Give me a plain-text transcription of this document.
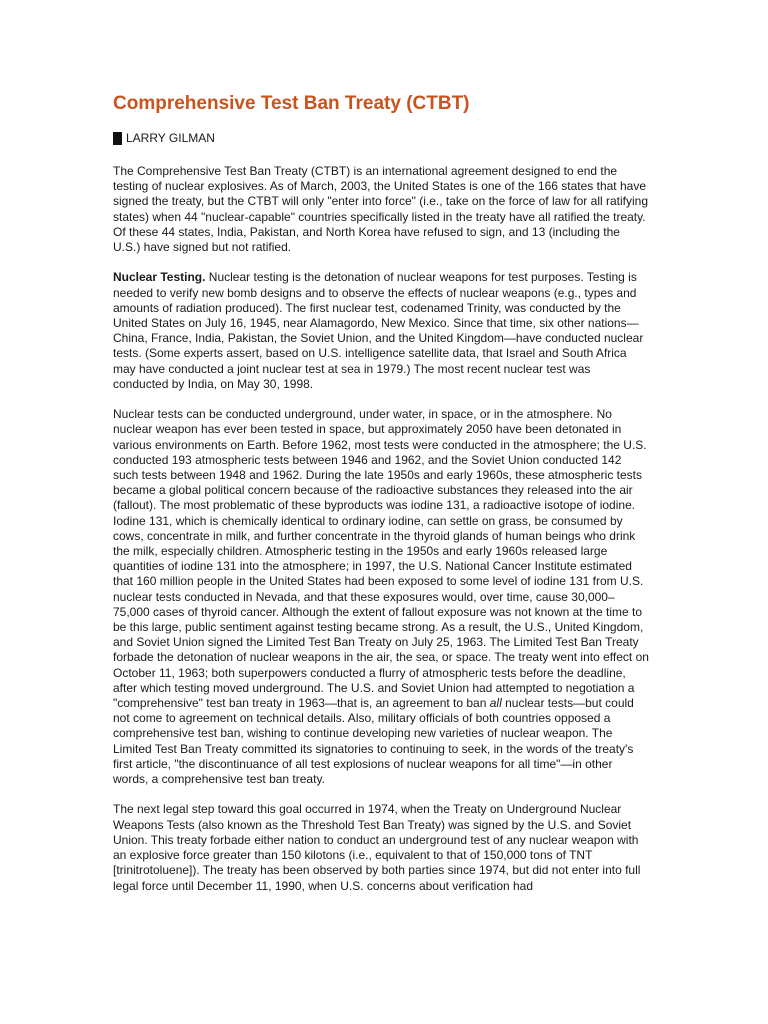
Comprehensive Test Ban Treaty (CTBT)
LARRY GILMAN

The Comprehensive Test Ban Treaty (CTBT) is an international agreement designed to end the testing of nuclear explosives. As of March, 2003, the United States is one of the 166 states that have signed the treaty, but the CTBT will only "enter into force" (i.e., take on the force of law for all ratifying states) when 44 "nuclear-capable" countries specifically listed in the treaty have all ratified the treaty. Of these 44 states, India, Pakistan, and North Korea have refused to sign, and 13 (including the U.S.) have signed but not ratified.

Nuclear Testing. Nuclear testing is the detonation of nuclear weapons for test purposes. Testing is needed to verify new bomb designs and to observe the effects of nuclear weapons (e.g., types and amounts of radiation produced). The first nuclear test, codenamed Trinity, was conducted by the United States on July 16, 1945, near Alamagordo, New Mexico. Since that time, six other nations—China, France, India, Pakistan, the Soviet Union, and the United Kingdom—have conducted nuclear tests. (Some experts assert, based on U.S. intelligence satellite data, that Israel and South Africa may have conducted a joint nuclear test at sea in 1979.) The most recent nuclear test was conducted by India, on May 30, 1998.

Nuclear tests can be conducted underground, under water, in space, or in the atmosphere. No nuclear weapon has ever been tested in space, but approximately 2050 have been detonated in various environments on Earth. Before 1962, most tests were conducted in the atmosphere; the U.S. conducted 193 atmospheric tests between 1946 and 1962, and the Soviet Union conducted 142 such tests between 1948 and 1962. During the late 1950s and early 1960s, these atmospheric tests became a global political concern because of the radioactive substances they released into the air (fallout). The most problematic of these byproducts was iodine 131, a radioactive isotope of iodine. Iodine 131, which is chemically identical to ordinary iodine, can settle on grass, be consumed by cows, concentrate in milk, and further concentrate in the thyroid glands of human beings who drink the milk, especially children. Atmospheric testing in the 1950s and early 1960s released large quantities of iodine 131 into the atmosphere; in 1997, the U.S. National Cancer Institute estimated that 160 million people in the United States had been exposed to some level of iodine 131 from U.S. nuclear tests conducted in Nevada, and that these exposures would, over time, cause 30,000–75,000 cases of thyroid cancer. Although the extent of fallout exposure was not known at the time to be this large, public sentiment against testing became strong. As a result, the U.S., United Kingdom, and Soviet Union signed the Limited Test Ban Treaty on July 25, 1963. The Limited Test Ban Treaty forbade the detonation of nuclear weapons in the air, the sea, or space. The treaty went into effect on October 11, 1963; both superpowers conducted a flurry of atmospheric tests before the deadline, after which testing moved underground. The U.S. and Soviet Union had attempted to negotiation a "comprehensive" test ban treaty in 1963—that is, an agreement to ban all nuclear tests—but could not come to agreement on technical details. Also, military officials of both countries opposed a comprehensive test ban, wishing to continue developing new varieties of nuclear weapon. The Limited Test Ban Treaty committed its signatories to continuing to seek, in the words of the treaty's first article, "the discontinuance of all test explosions of nuclear weapons for all time"—in other words, a comprehensive test ban treaty.

The next legal step toward this goal occurred in 1974, when the Treaty on Underground Nuclear Weapons Tests (also known as the Threshold Test Ban Treaty) was signed by the U.S. and Soviet Union. This treaty forbade either nation to conduct an underground test of any nuclear weapon with an explosive force greater than 150 kilotons (i.e., equivalent to that of 150,000 tons of TNT [trinitrotoluene]). The treaty has been observed by both parties since 1974, but did not enter into full legal force until December 11, 1990, when U.S. concerns about verification had
